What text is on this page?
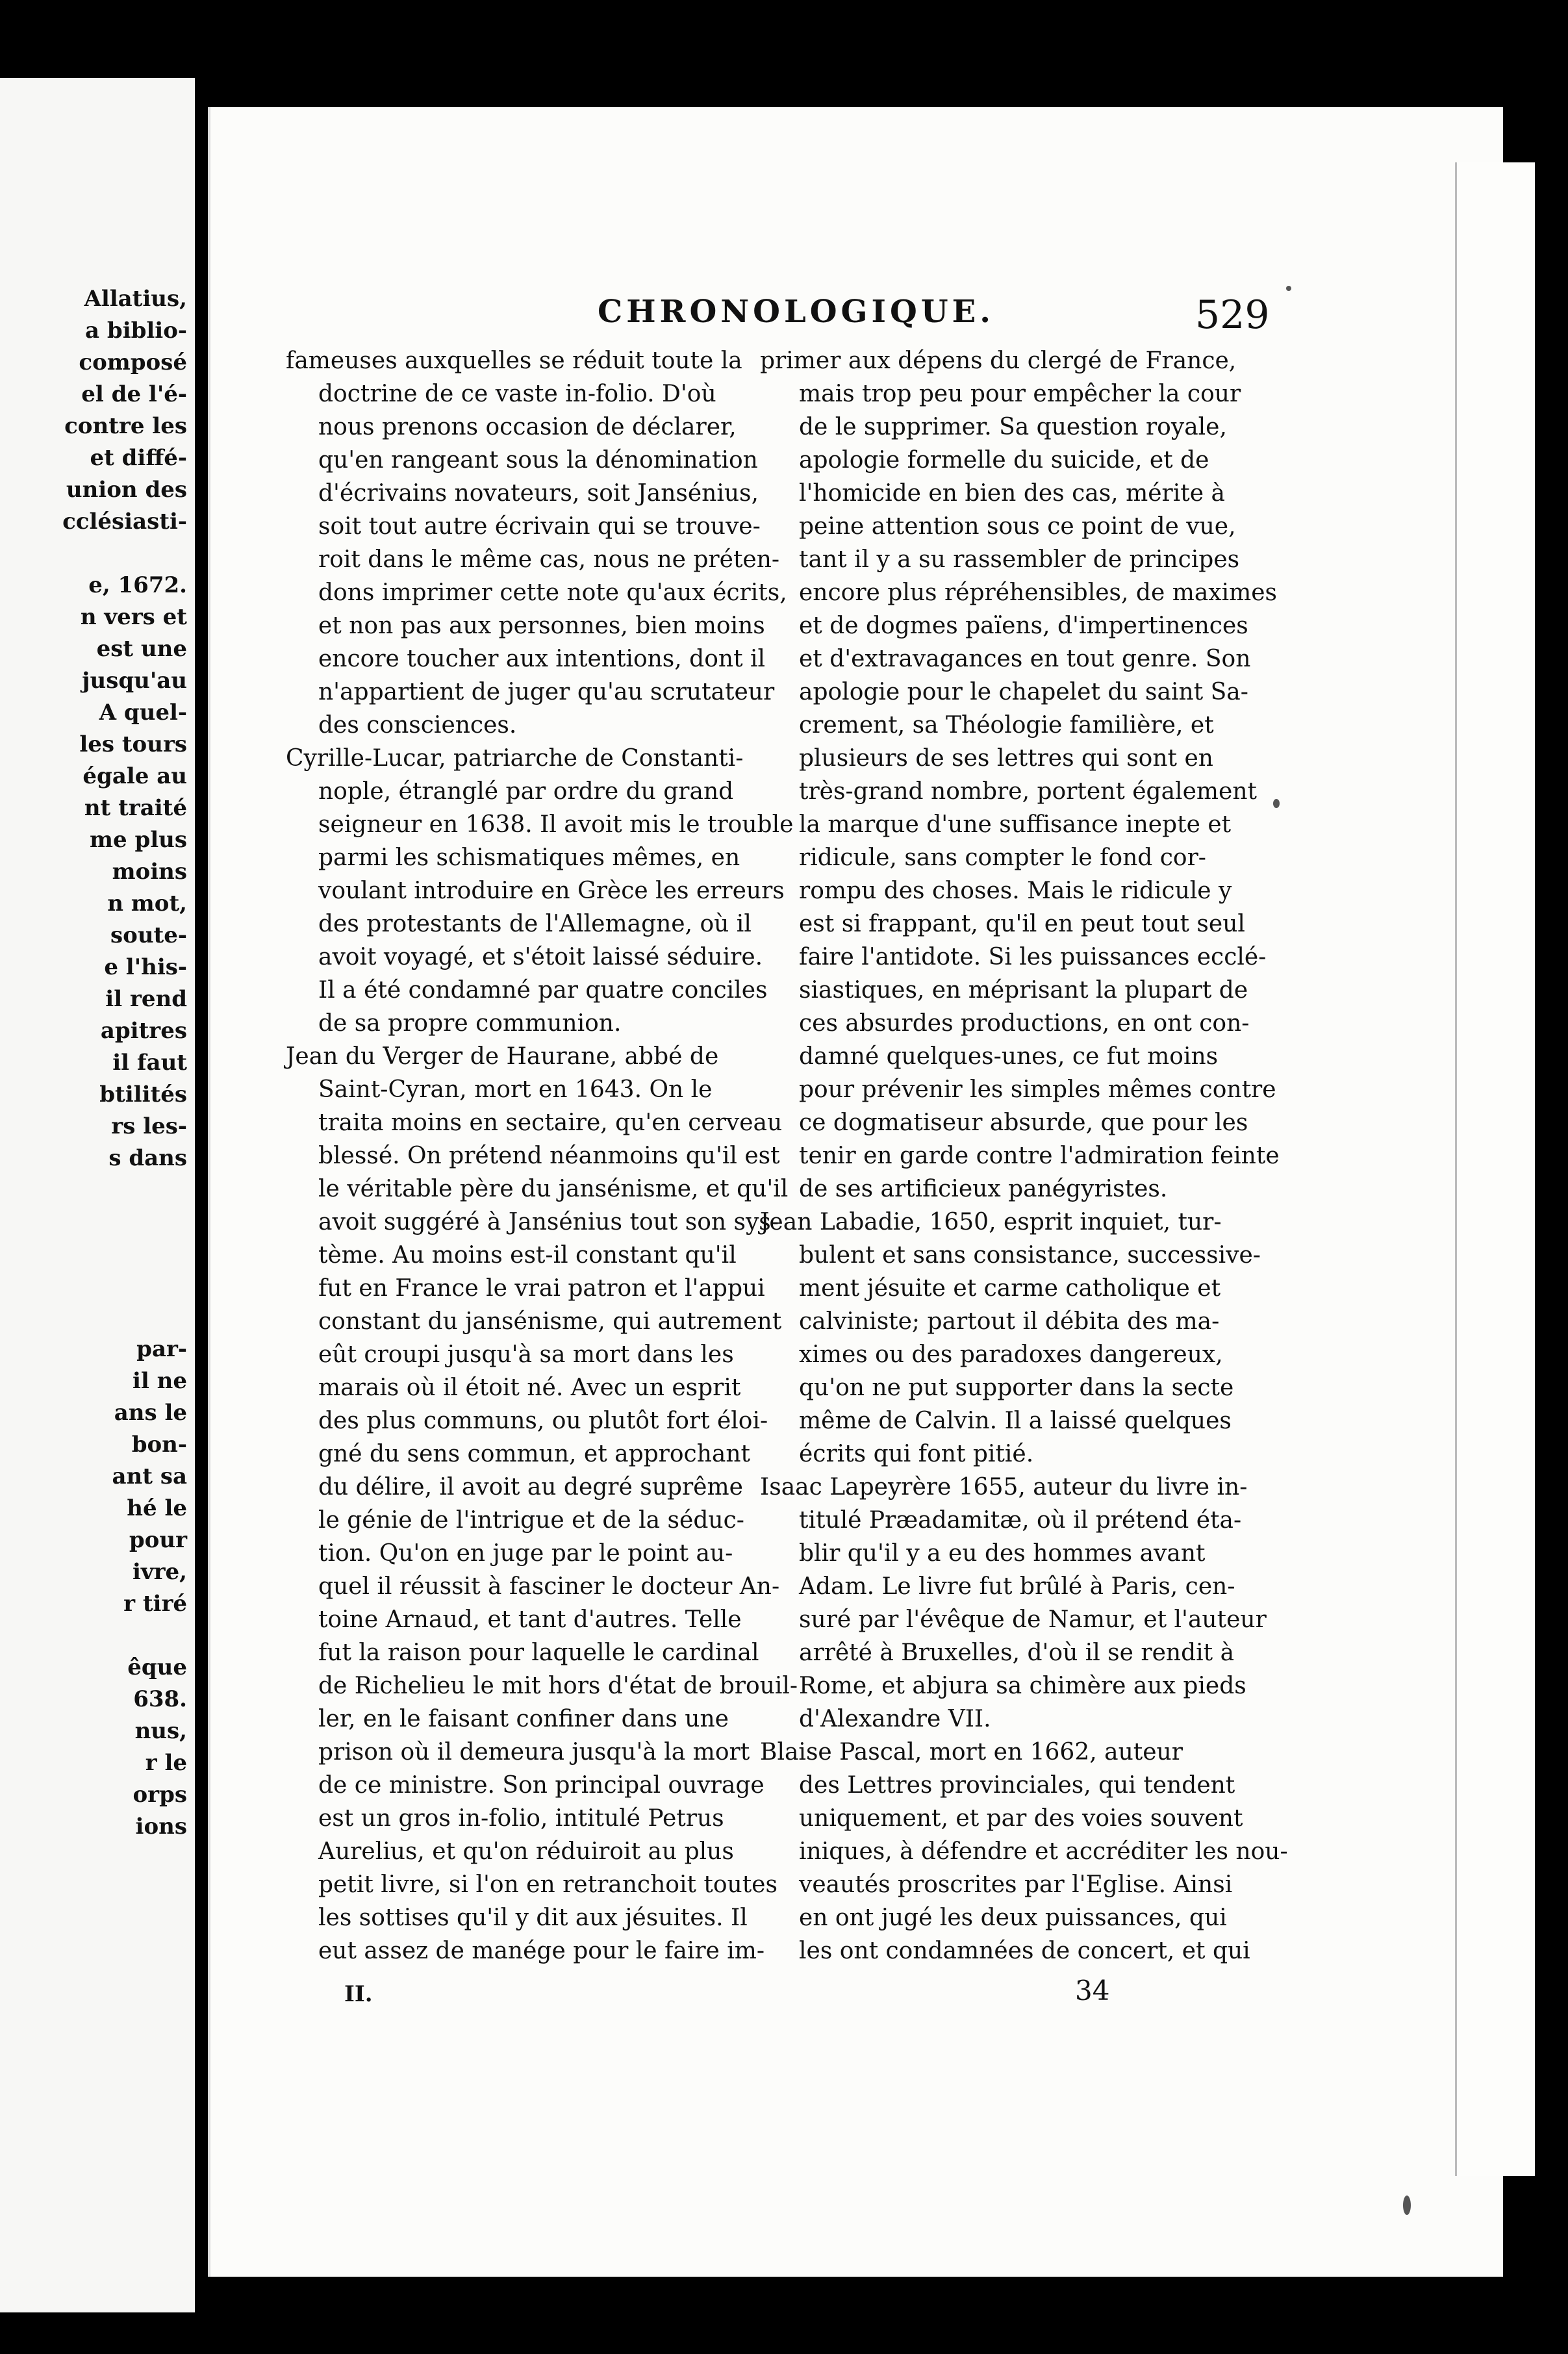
Allatius,
a biblio-
composé
el de l'é-
contre les
et diffé-
union des
cclésiasti-
e, 1672.
n vers et
est une
jusqu'au
A quel-
les tours
égale au
nt traité
me plus
moins
n mot,
soute-
e l'his-
il rend
apitres
il faut
btilités
rs les-
s dans
par-
il ne
ans le
bon-
ant sa
hé le
pour
ivre,
r tiré
êque
638.
nus,
r le
orps
ions
CHRONOLOGIQUE.	529
fameuses auxquelles se réduit toute la
doctrine de ce vaste in-folio. D'où
nous prenons occasion de déclarer,
qu'en rangeant sous la dénomination
d'écrivains novateurs, soit Jansénius,
soit tout autre écrivain qui se trouve-
roit dans le même cas, nous ne préten-
dons imprimer cette note qu'aux écrits,
et non pas aux personnes, bien moins
encore toucher aux intentions, dont il
n'appartient de juger qu'au scrutateur
des consciences.
Cyrille-Lucar, patriarche de Constanti-
nople, étranglé par ordre du grand
seigneur en 1638. Il avoit mis le trouble
parmi les schismatiques mêmes, en
voulant introduire en Grèce les erreurs
des protestants de l'Allemagne, où il
avoit voyagé, et s'étoit laissé séduire.
Il a été condamné par quatre conciles
de sa propre communion.
Jean du Verger de Haurane, abbé de
Saint-Cyran, mort en 1643. On le
traita moins en sectaire, qu'en cerveau
blessé. On prétend néanmoins qu'il est
le véritable père du jansénisme, et qu'il
avoit suggéré à Jansénius tout son sys-
tème. Au moins est-il constant qu'il
fut en France le vrai patron et l'appui
constant du jansénisme, qui autrement
eût croupi jusqu'à sa mort dans les
marais où il étoit né. Avec un esprit
des plus communs, ou plutôt fort éloi-
gné du sens commun, et approchant
du délire, il avoit au degré suprême
le génie de l'intrigue et de la séduc-
tion. Qu'on en juge par le point au-
quel il réussit à fasciner le docteur An-
toine Arnaud, et tant d'autres. Telle
fut la raison pour laquelle le cardinal
de Richelieu le mit hors d'état de brouil-
ler, en le faisant confiner dans une
prison où il demeura jusqu'à la mort
de ce ministre. Son principal ouvrage
est un gros in-folio, intitulé Petrus
Aurelius, et qu'on réduiroit au plus
petit livre, si l'on en retranchoit toutes
les sottises qu'il y dit aux jésuites. Il
eut assez de manége pour le faire im-
primer aux dépens du clergé de France,
mais trop peu pour empêcher la cour
de le supprimer. Sa question royale,
apologie formelle du suicide, et de
l'homicide en bien des cas, mérite à
peine attention sous ce point de vue,
tant il y a su rassembler de principes
encore plus répréhensibles, de maximes
et de dogmes païens, d'impertinences
et d'extravagances en tout genre. Son
apologie pour le chapelet du saint Sa-
crement, sa Théologie familière, et
plusieurs de ses lettres qui sont en
très-grand nombre, portent également
la marque d'une suffisance inepte et
ridicule, sans compter le fond cor-
rompu des choses. Mais le ridicule y
est si frappant, qu'il en peut tout seul
faire l'antidote. Si les puissances ecclé-
siastiques, en méprisant la plupart de
ces absurdes productions, en ont con-
damné quelques-unes, ce fut moins
pour prévenir les simples mêmes contre
ce dogmatiseur absurde, que pour les
tenir en garde contre l'admiration feinte
de ses artificieux panégyristes.
Jean Labadie, 1650, esprit inquiet, tur-
bulent et sans consistance, successive-
ment jésuite et carme catholique et
calviniste; partout il débita des ma-
ximes ou des paradoxes dangereux,
qu'on ne put supporter dans la secte
même de Calvin. Il a laissé quelques
écrits qui font pitié.
Isaac Lapeyrère 1655, auteur du livre in-
titulé Præadamitæ, où il prétend éta-
blir qu'il y a eu des hommes avant
Adam. Le livre fut brûlé à Paris, cen-
suré par l'évêque de Namur, et l'auteur
arrêté à Bruxelles, d'où il se rendit à
Rome, et abjura sa chimère aux pieds
d'Alexandre VII.
Blaise Pascal, mort en 1662, auteur
des Lettres provinciales, qui tendent
uniquement, et par des voies souvent
iniques, à défendre et accréditer les nou-
veautés proscrites par l'Eglise. Ainsi
en ont jugé les deux puissances, qui
les ont condamnées de concert, et qui
II.	34
